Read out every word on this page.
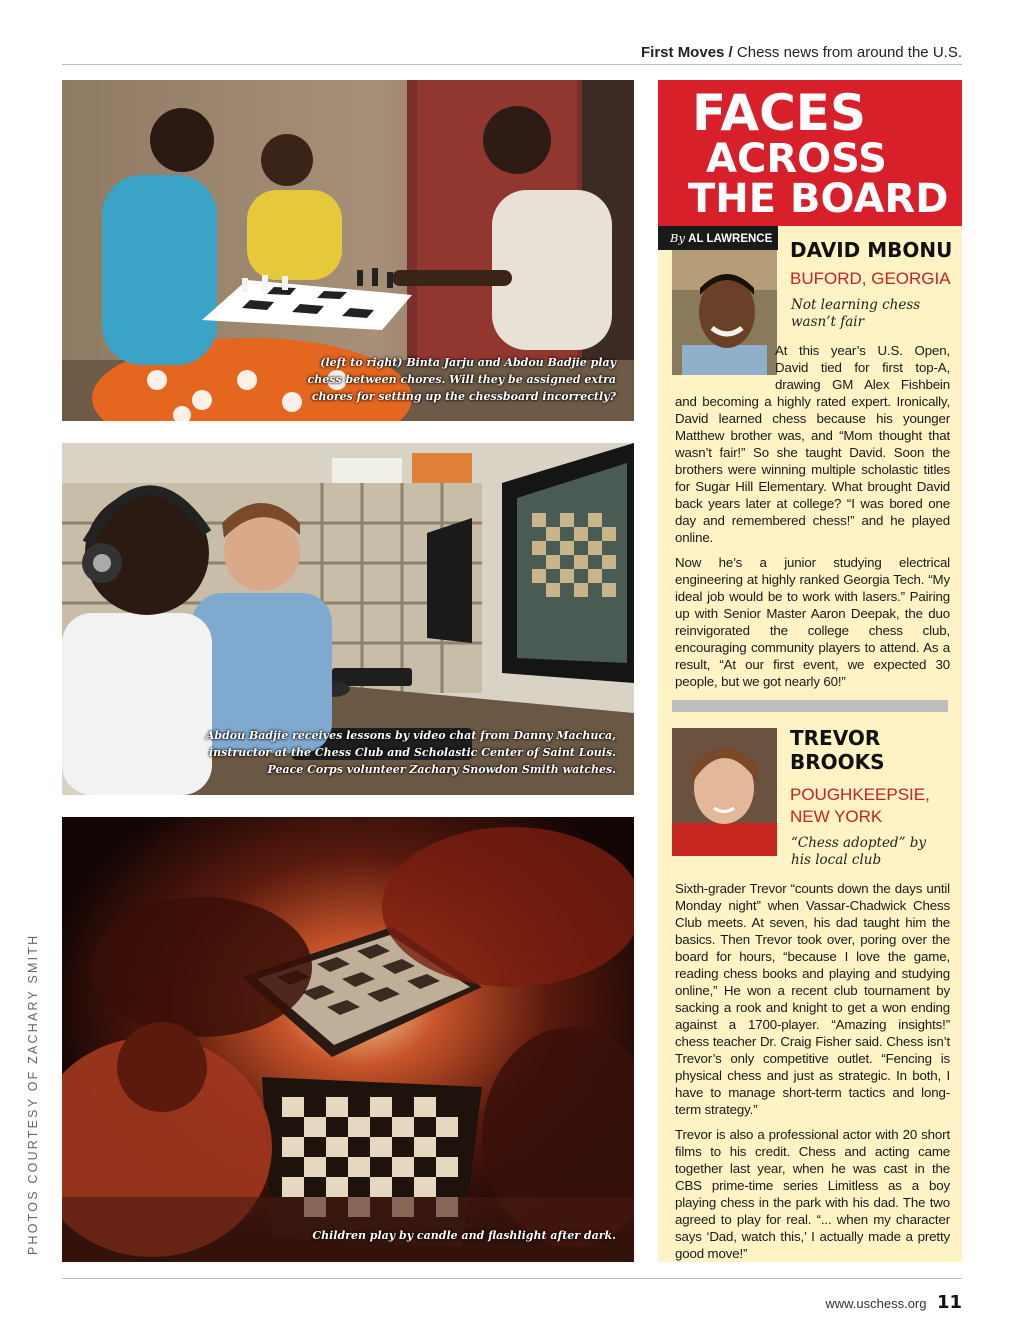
First Moves / Chess news from around the U.S.
PHOTOS COURTESY OF ZACHARY SMITH
(left to right) Binta Jarju and Abdou Badjie play
chess between chores. Will they be assigned extra
chores for setting up the chessboard incorrectly?
Abdou Badjie receives lessons by video chat from Danny Machuca,
instructor at the Chess Club and Scholastic Center of Saint Louis.
Peace Corps volunteer Zachary Snowdon Smith watches.
Children play by candle and flashlight after dark.
FACES
ACROSS
THE BOARD
By AL LAWRENCE DAVID MBONU
BUFORD, GEORGIA
Not learning chess
wasn’t fair

At this year’s U.S. Open, David tied for first top-A, drawing GM Alex Fishbein and becoming a highly rated expert. Ironically, David learned chess because his younger Matthew brother was, and “Mom thought that wasn’t fair!” So she taught David. Soon the brothers were winning multiple scholastic titles for Sugar Hill Elementary. What brought David back years later at college? “I was bored one day and remembered chess!” and he played online.

Now he’s a junior studying electrical engineering at highly ranked Georgia Tech. “My ideal job would be to work with lasers.” Pairing up with Senior Master Aaron Deepak, the duo reinvigorated the college chess club, encouraging community players to attend. As a result, “At our first event, we expected 30 people, but we got nearly 60!”

TREVOR
BROOKS
POUGHKEEPSIE,
NEW YORK
“Chess adopted” by
his local club

Sixth-grader Trevor “counts down the days until Monday night” when Vassar-Chadwick Chess Club meets. At seven, his dad taught him the basics. Then Trevor took over, poring over the board for hours, “because I love the game, reading chess books and playing and studying online,” He won a recent club tournament by sacking a rook and knight to get a won ending against a 1700-player. “Amazing insights!” chess teacher Dr. Craig Fisher said. Chess isn’t Trevor’s only competitive outlet. “Fencing is physical chess and just as strategic. In both, I have to manage short-term tactics and long-term strategy.”

Trevor is also a professional actor with 20 short films to his credit. Chess and acting came together last year, when he was cast in the CBS prime-time series Limitless as a boy playing chess in the park with his dad. The two agreed to play for real. “... when my character says ‘Dad, watch this,’ I actually made a pretty good move!”

www.uschess.org 11
